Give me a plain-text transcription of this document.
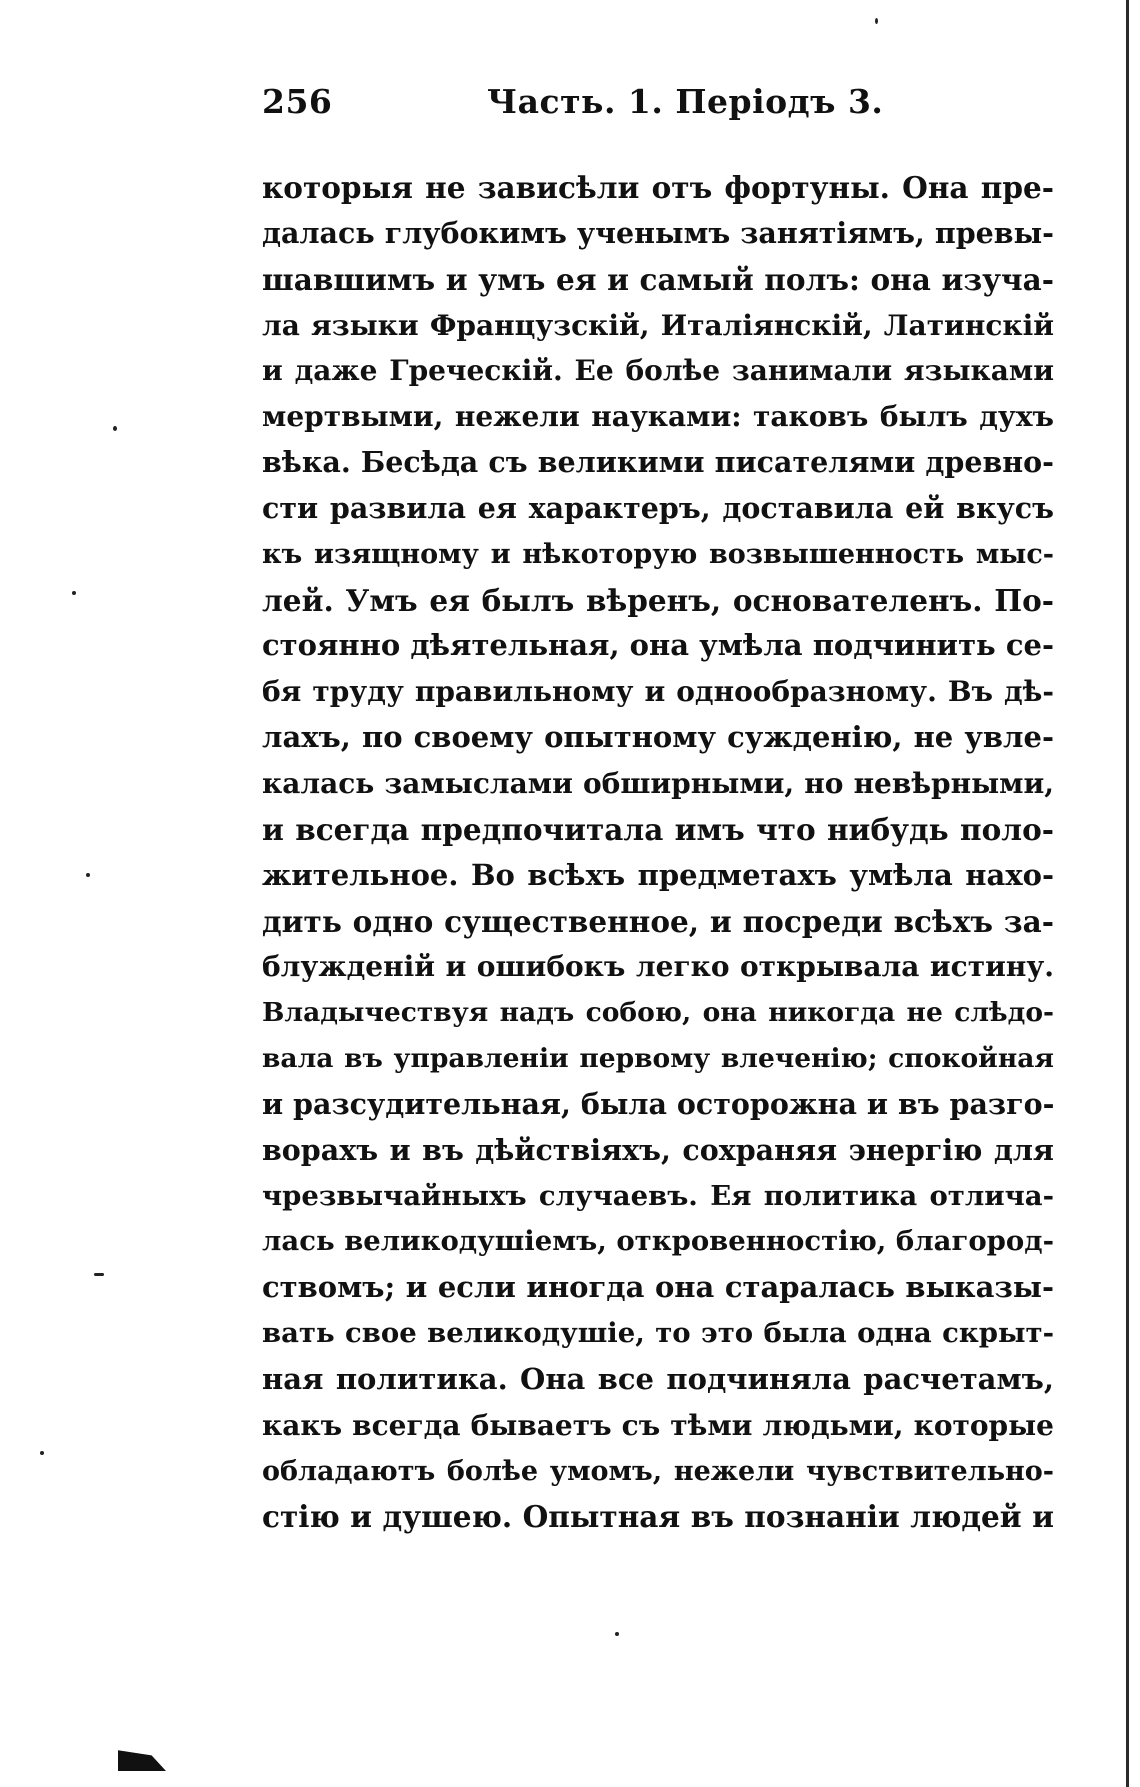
256	Часть. 1. Періодъ 3.
которыя не зависѣли отъ фортуны. Она пре-
далась глубокимъ ученымъ занятіямъ, превы-
шавшимъ и умъ ея и самый полъ: она изуча-
ла языки Французскій, Италіянскій, Латинскій
и даже Греческій. Ее болѣе занимали языками
мертвыми, нежели науками: таковъ былъ духъ
вѣка. Бесѣда съ великими писателями древно-
сти развила ея характеръ, доставила ей вкусъ
къ изящному и нѣкоторую возвышенность мыс-
лей. Умъ ея былъ вѣренъ, основателенъ. По-
стоянно дѣятельная, она умѣла подчинить се-
бя труду правильному и однообразному. Въ дѣ-
лахъ, по своему опытному сужденію, не увле-
калась замыслами обширными, но невѣрными,
и всегда предпочитала имъ что нибудь поло-
жительное. Во всѣхъ предметахъ умѣла нахо-
дить одно существенное, и посреди всѣхъ за-
блужденій и ошибокъ легко открывала истину.
Владычествуя надъ собою, она никогда не слѣдо-
вала въ управленіи первому влеченію; спокойная
и разсудительная, была осторожна и въ разго-
ворахъ и въ дѣйствіяхъ, сохраняя энергію для
чрезвычайныхъ случаевъ. Ея политика отлича-
лась великодушіемъ, откровенностію, благород-
ствомъ; и если иногда она старалась выказы-
вать свое великодушіе, то это была одна скрыт-
ная политика. Она все подчиняла расчетамъ,
какъ всегда бываетъ съ тѣми людьми, которые
обладаютъ болѣе умомъ, нежели чувствительно-
стію и душею. Опытная въ познаніи людей и
